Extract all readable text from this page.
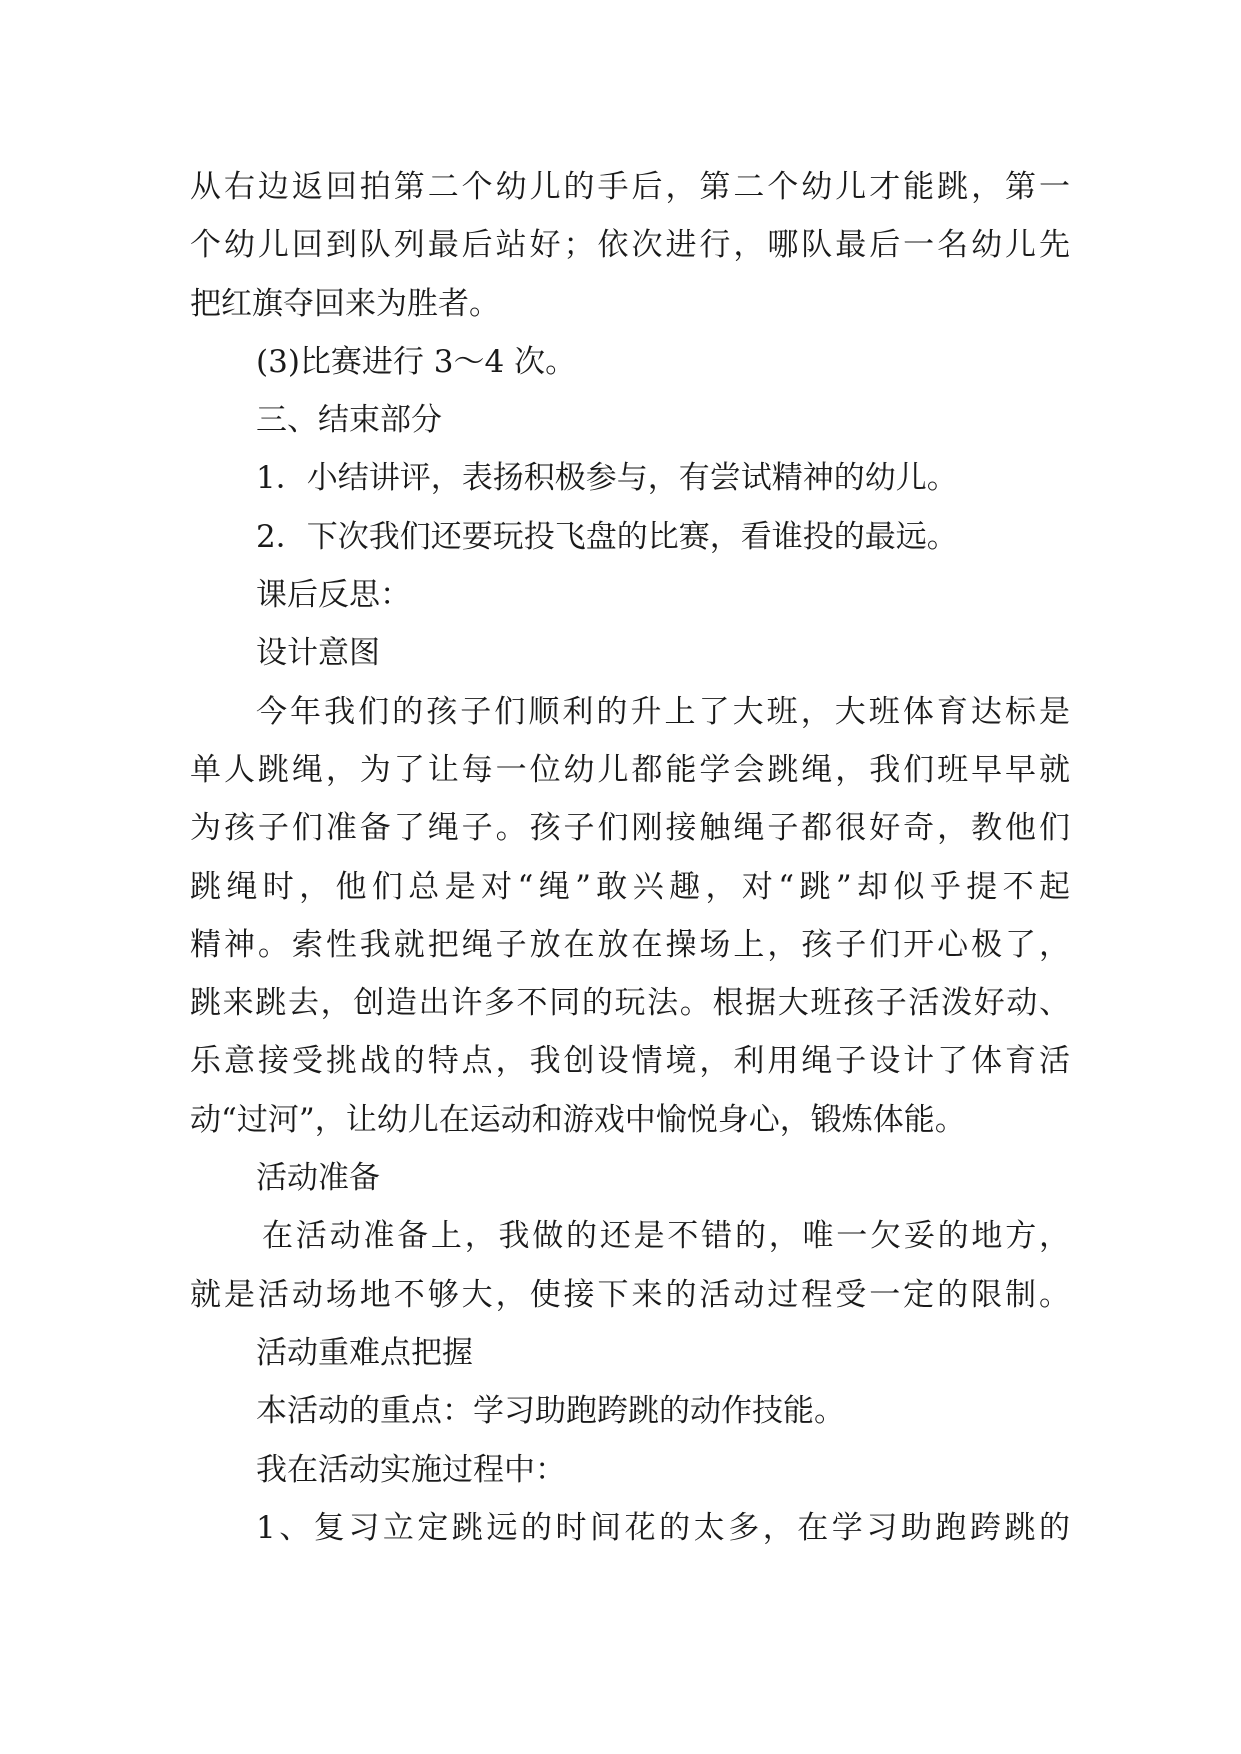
从右边返回拍第二个幼儿的手后，第二个幼儿才能跳，第一
个幼儿回到队列最后站好；依次进行，哪队最后一名幼儿先
把红旗夺回来为胜者。
(3)比赛进行 3～4 次。
三、结束部分
1．小结讲评，表扬积极参与，有尝试精神的幼儿。
2．下次我们还要玩投飞盘的比赛，看谁投的最远。
课后反思：
设计意图
今年我们的孩子们顺利的升上了大班，大班体育达标是
单人跳绳，为了让每一位幼儿都能学会跳绳，我们班早早就
为孩子们准备了绳子。孩子们刚接触绳子都很好奇，教他们
跳绳时，他们总是对“绳”敢兴趣，对“跳”却似乎提不起
精神。索性我就把绳子放在放在操场上，孩子们开心极了，
跳来跳去，创造出许多不同的玩法。根据大班孩子活泼好动、
乐意接受挑战的特点，我创设情境，利用绳子设计了体育活
动“过河”，让幼儿在运动和游戏中愉悦身心，锻炼体能。
活动准备
在活动准备上，我做的还是不错的，唯一欠妥的地方，
就是活动场地不够大，使接下来的活动过程受一定的限制。
活动重难点把握
本活动的重点：学习助跑跨跳的动作技能。
我在活动实施过程中：
1、复习立定跳远的时间花的太多，在学习助跑跨跳的
